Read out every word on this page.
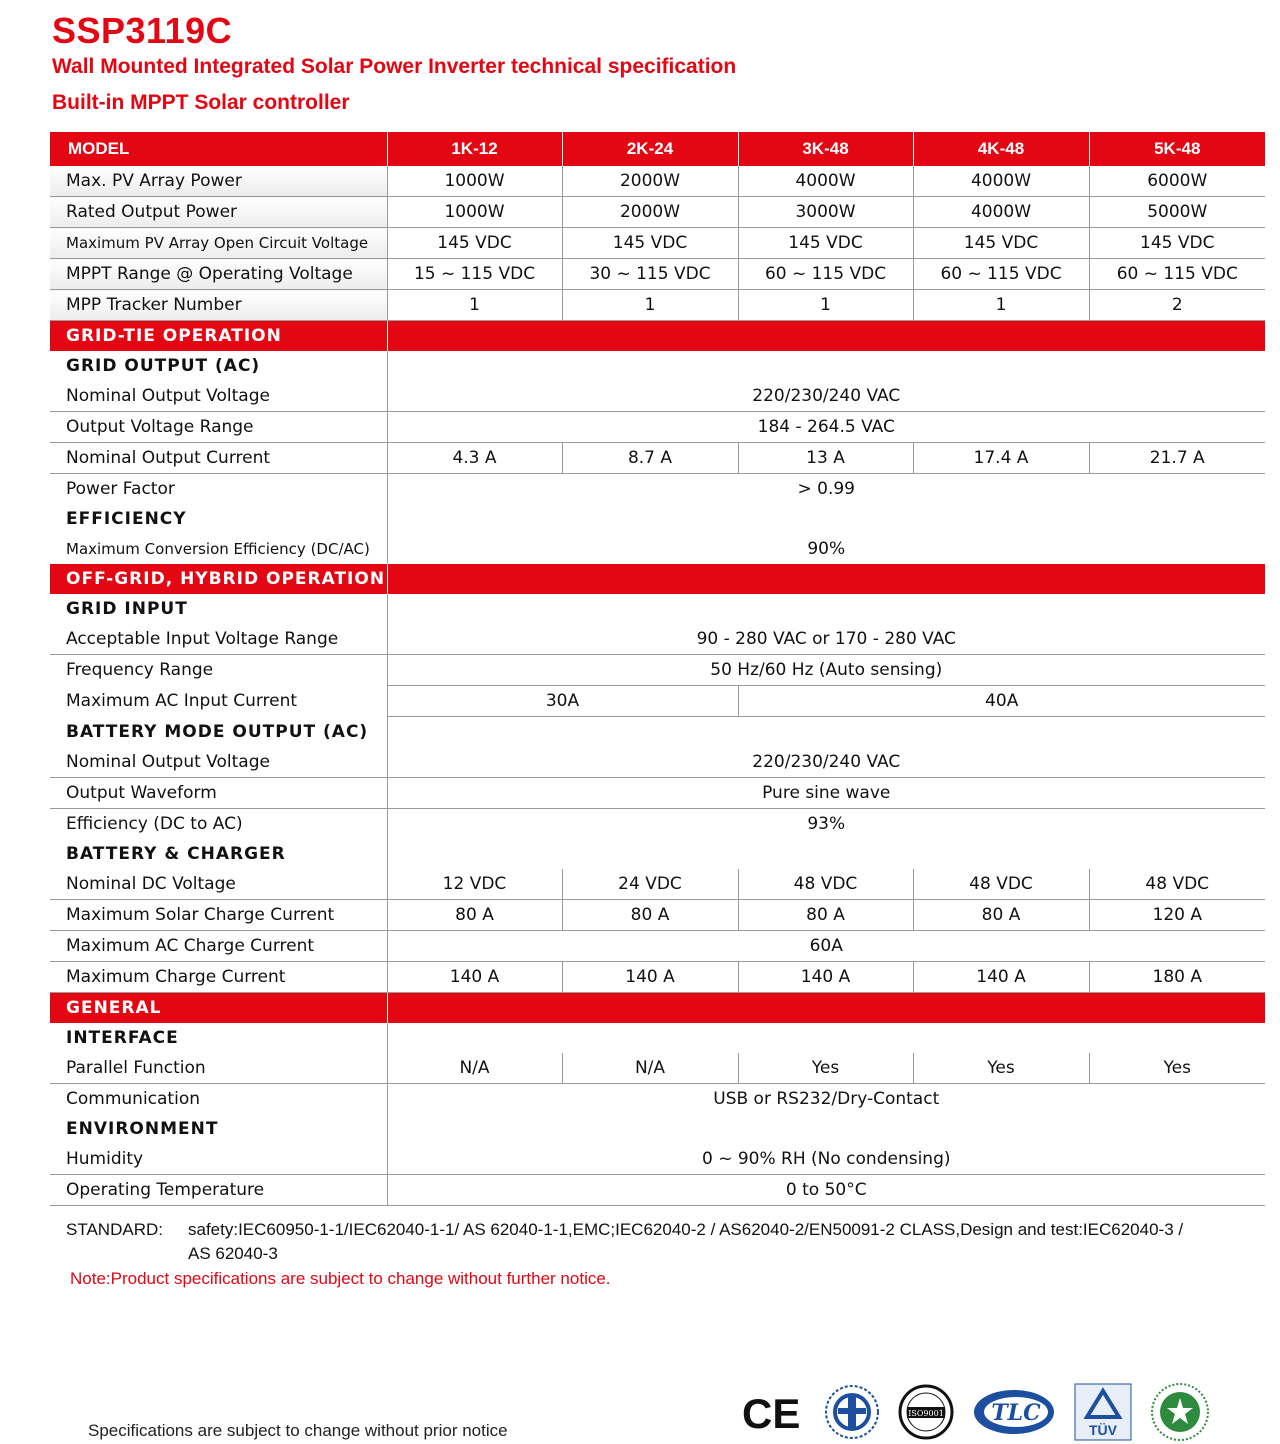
SSP3119C
Wall Mounted Integrated Solar Power Inverter technical specification
Built-in MPPT Solar controller
MODEL	1K-12	2K-24	3K-48	4K-48	5K-48
Max. PV Array Power	1000W	2000W	4000W	4000W	6000W
Rated Output Power	1000W	2000W	3000W	4000W	5000W
Maximum PV Array Open Circuit Voltage	145 VDC	145 VDC	145 VDC	145 VDC	145 VDC
MPPT Range @ Operating Voltage	15 ~ 115 VDC	30 ~ 115 VDC	60 ~ 115 VDC	60 ~ 115 VDC	60 ~ 115 VDC
MPP Tracker Number	1	1	1	1	2
GRID-TIE OPERATION					
GRID OUTPUT (AC)					
Nominal Output Voltage	220/230/240 VAC				
Output Voltage Range	184 - 264.5 VAC				
Nominal Output Current	4.3 A	8.7 A	13 A	17.4 A	21.7 A
Power Factor	> 0.99				
EFFICIENCY					
Maximum Conversion Efficiency (DC/AC)	90%				
OFF-GRID, HYBRID OPERATION					
GRID INPUT					
Acceptable Input Voltage Range	90 - 280 VAC or 170 - 280 VAC				
Frequency Range	50 Hz/60 Hz (Auto sensing)				
Maximum AC Input Current	30A		40A		
BATTERY MODE OUTPUT (AC)					
Nominal Output Voltage	220/230/240 VAC				
Output Waveform	Pure sine wave				
Efficiency (DC to AC)	93%				
BATTERY & CHARGER					
Nominal DC Voltage	12 VDC	24 VDC	48 VDC	48 VDC	48 VDC
Maximum Solar Charge Current	80 A	80 A	80 A	80 A	120 A
Maximum AC Charge Current	60A				
Maximum Charge Current	140 A	140 A	140 A	140 A	180 A
GENERAL					
INTERFACE					
Parallel Function	N/A	N/A	Yes	Yes	Yes
Communication	USB or RS232/Dry-Contact				
ENVIRONMENT					
Humidity	0 ~ 90% RH (No condensing)				
Operating Temperature	0 to 50°C				
STANDARD: safety:IEC60950-1-1/IEC62040-1-1/ AS 62040-1-1,EMC;IEC62040-2 / AS62040-2/EN50091-2 CLASS,Design and test:IEC62040-3 / AS 62040-3
Note:Product specifications are subject to change without further notice.
Specifications are subject to change without prior notice	CE	ISO9001 TLC
TÜV
